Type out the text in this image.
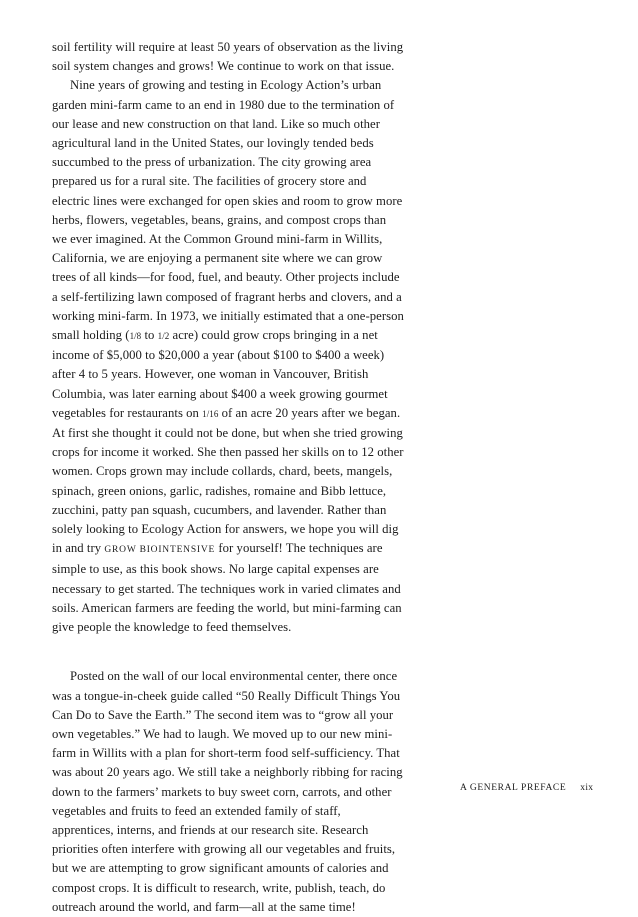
soil fertility will require at least 50 years of observation as the living soil system changes and grows! We continue to work on that issue.

Nine years of growing and testing in Ecology Action’s urban garden mini-farm came to an end in 1980 due to the termination of our lease and new construction on that land. Like so much other agricultural land in the United States, our lovingly tended beds succumbed to the press of urbanization. The city growing area prepared us for a rural site. The facilities of grocery store and electric lines were exchanged for open skies and room to grow more herbs, flowers, vegetables, beans, grains, and compost crops than we ever imagined. At the Common Ground mini-farm in Willits, California, we are enjoying a permanent site where we can grow trees of all kinds—for food, fuel, and beauty. Other projects include a self-fertilizing lawn composed of fragrant herbs and clovers, and a working mini-farm. In 1973, we initially estimated that a one-person small holding (1/8 to 1/2 acre) could grow crops bringing in a net income of $5,000 to $20,000 a year (about $100 to $400 a week) after 4 to 5 years. However, one woman in Vancouver, British Columbia, was later earning about $400 a week growing gourmet vegetables for restaurants on 1/16 of an acre 20 years after we began. At first she thought it could not be done, but when she tried growing crops for income it worked. She then passed her skills on to 12 other women. Crops grown may include collards, chard, beets, mangels, spinach, green onions, garlic, radishes, romaine and Bibb lettuce, zucchini, patty pan squash, cucumbers, and lavender. Rather than solely looking to Ecology Action for answers, we hope you will dig in and try GROW BIOINTENSIVE for yourself! The techniques are simple to use, as this book shows. No large capital expenses are necessary to get started. The techniques work in varied climates and soils. American farmers are feeding the world, but mini-farming can give people the knowledge to feed themselves.

Posted on the wall of our local environmental center, there once was a tongue-in-cheek guide called “50 Really Difficult Things You Can Do to Save the Earth.” The second item was to “grow all your own vegetables.” We had to laugh. We moved up to our new mini-farm in Willits with a plan for short-term food self-sufficiency. That was about 20 years ago. We still take a neighborly ribbing for racing down to the farmers’ markets to buy sweet corn, carrots, and other vegetables and fruits to feed an extended family of staff, apprentices, interns, and friends at our research site. Research priorities often interfere with growing all our vegetables and fruits, but we are attempting to grow significant amounts of calories and compost crops. It is difficult to research, write, publish, teach, do outreach around the world, and farm—all at the same time!

A GENERAL PREFACE xix
